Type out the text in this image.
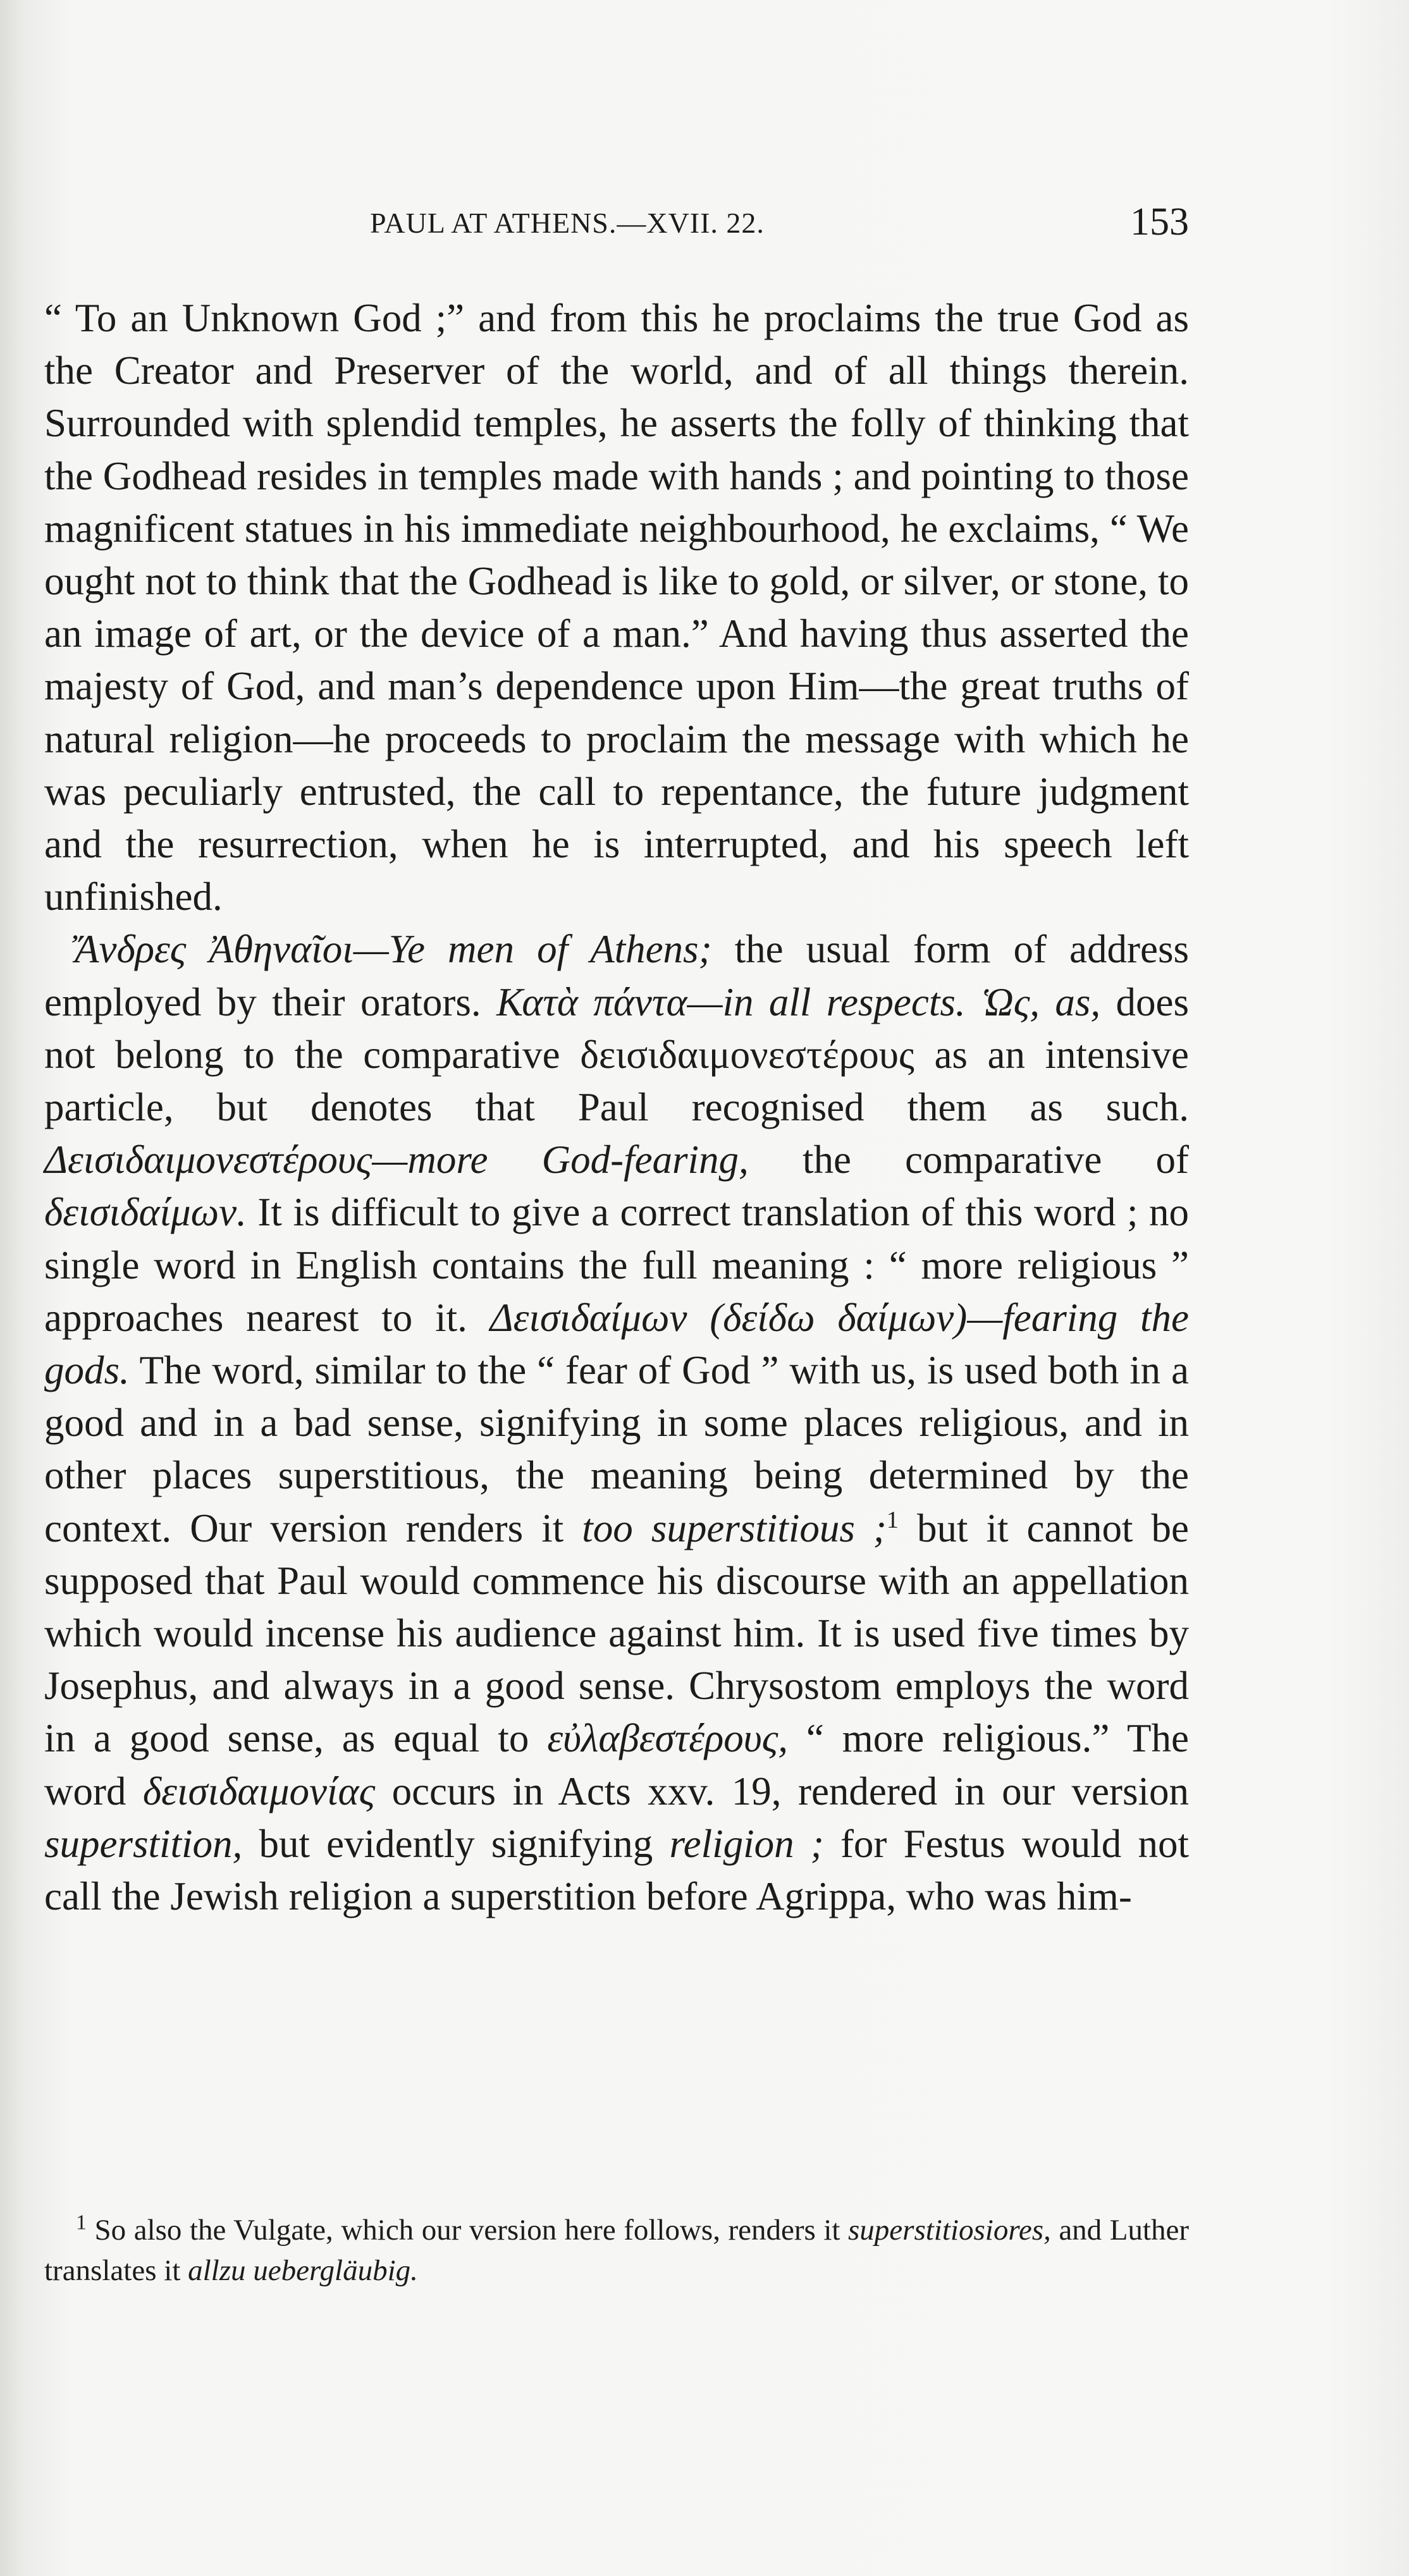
PAUL AT ATHENS.—XVII. 22.	153

“ To an Unknown God ;” and from this he proclaims the true God as the Creator and Preserver of the world, and of all things therein. Surrounded with splendid temples, he asserts the folly of thinking that the Godhead resides in temples made with hands ; and pointing to those magnificent statues in his immediate neighbourhood, he exclaims, “ We ought not to think that the Godhead is like to gold, or silver, or stone, to an image of art, or the device of a man.” And having thus asserted the majesty of God, and man’s dependence upon Him—the great truths of natural religion—he proceeds to proclaim the message with which he was peculiarly entrusted, the call to repentance, the future judgment and the resurrection, when he is interrupted, and his speech left unfinished.

Ἄνδρες Ἀθηναῖοι—Ye men of Athens; the usual form of address employed by their orators. Κατὰ πάντα—in all respects. Ὡς, as, does not belong to the comparative δεισιδαιμονεστέρους as an intensive particle, but denotes that Paul recognised them as such. Δεισιδαιμονεστέρους—more God-fearing, the comparative of δεισιδαίμων. It is difficult to give a correct translation of this word ; no single word in English contains the full meaning : “ more religious ” approaches nearest to it. Δεισιδαίμων (δείδω δαίμων)—fearing the gods. The word, similar to the “ fear of God ” with us, is used both in a good and in a bad sense, signifying in some places religious, and in other places superstitious, the meaning being determined by the context. Our version renders it too superstitious ;$^1$ but it cannot be supposed that Paul would commence his discourse with an appellation which would incense his audience against him. It is used five times by Josephus, and always in a good sense. Chrysostom employs the word in a good sense, as equal to εὐλαβεστέρους, “ more religious.” The word δεισιδαιμονίας occurs in Acts xxv. 19, rendered in our version superstition, but evidently signifying religion ; for Festus would not call the Jewish religion a superstition before Agrippa, who was him-

$^1$ So also the Vulgate, which our version here follows, renders it superstitiosiores, and Luther translates it allzu uebergläubig.
